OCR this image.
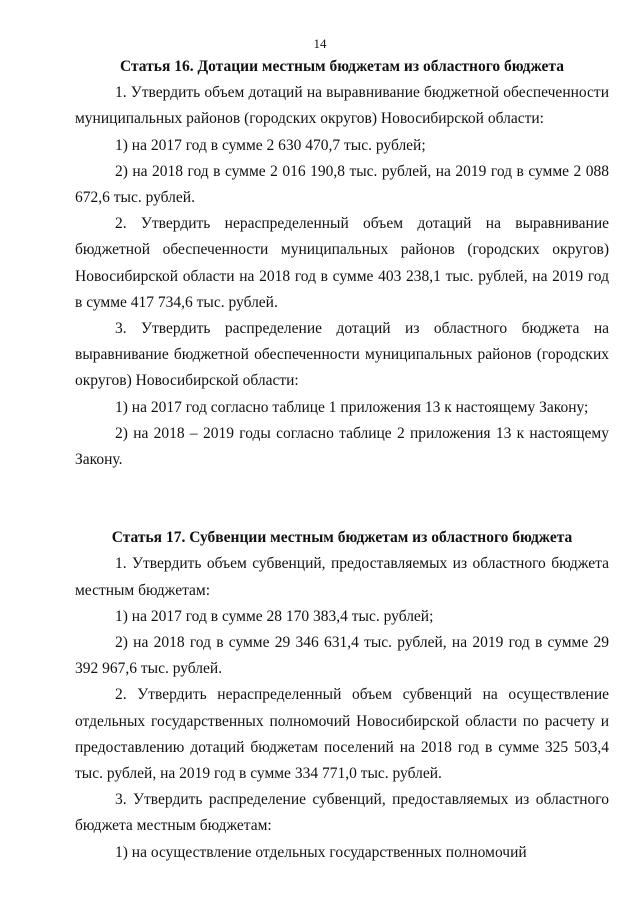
14

Статья 16. Дотации местным бюджетам из областного бюджета

1. Утвердить объем дотаций на выравнивание бюджетной обеспеченности муниципальных районов (городских округов) Новосибирской области:

1) на 2017 год в сумме 2 630 470,7 тыс. рублей;

2) на 2018 год в сумме 2 016 190,8 тыс. рублей, на 2019 год в сумме 2 088 672,6 тыс. рублей.

2. Утвердить нераспределенный объем дотаций на выравнивание бюджетной обеспеченности муниципальных районов (городских округов) Новосибирской области на 2018 год в сумме 403 238,1 тыс. рублей, на 2019 год в сумме 417 734,6 тыс. рублей.

3. Утвердить распределение дотаций из областного бюджета на выравнивание бюджетной обеспеченности муниципальных районов (городских округов) Новосибирской области:

1) на 2017 год согласно таблице 1 приложения 13 к настоящему Закону;

2) на 2018 – 2019 годы согласно таблице 2 приложения 13 к настоящему Закону.

Статья 17. Субвенции местным бюджетам из областного бюджета

1. Утвердить объем субвенций, предоставляемых из областного бюджета местным бюджетам:

1) на 2017 год в сумме 28 170 383,4 тыс. рублей;

2) на 2018 год в сумме 29 346 631,4 тыс. рублей, на 2019 год в сумме 29 392 967,6 тыс. рублей.

2. Утвердить нераспределенный объем субвенций на осуществление отдельных государственных полномочий Новосибирской области по расчету и предоставлению дотаций бюджетам поселений на 2018 год в сумме 325 503,4 тыс. рублей, на 2019 год в сумме 334 771,0 тыс. рублей.

3. Утвердить распределение субвенций, предоставляемых из областного бюджета местным бюджетам:

1) на осуществление отдельных государственных полномочий
